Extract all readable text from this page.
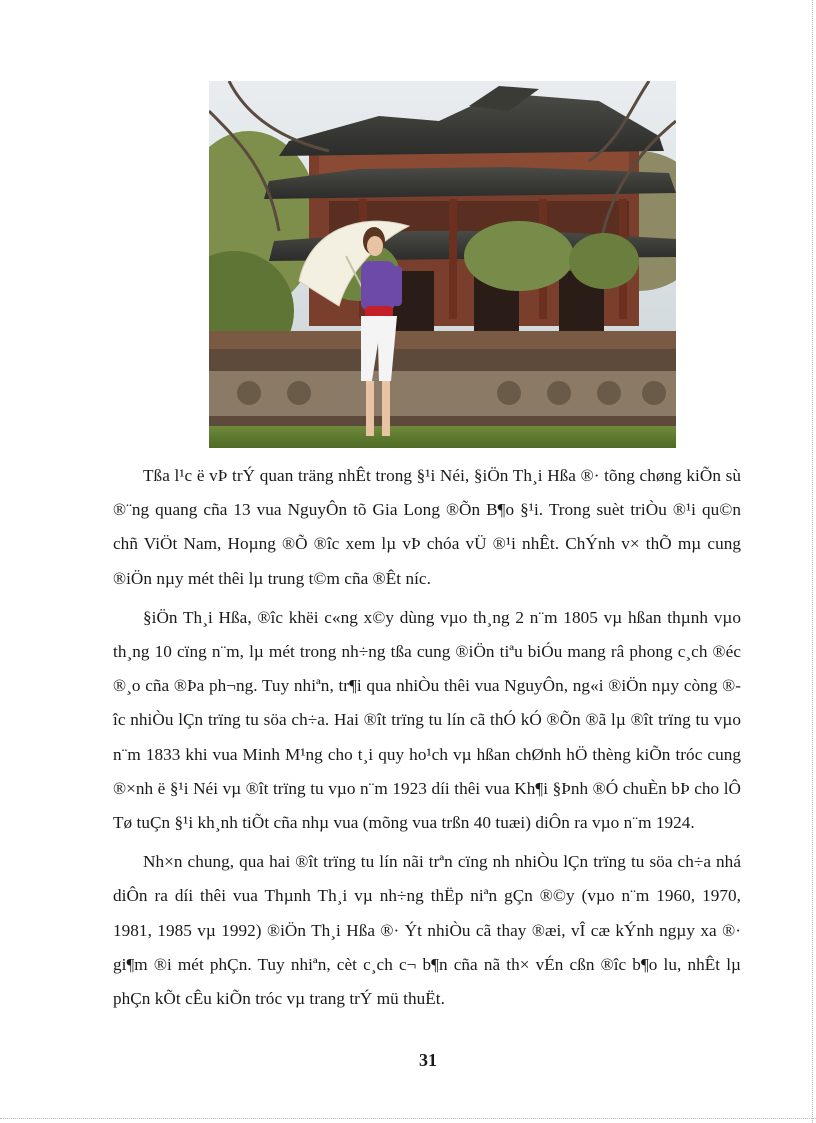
Tßa l¹c ë vÞ trÝ quan träng nhÊt trong §¹i Néi, §iÖn Th¸i Hßa ®· tõng chøng kiÕn sù ®¨ng quang cña 13 vua NguyÔn tõ Gia Long ®Õn B¶o §¹i. Trong suèt triÒu ®¹i qu©n chñ ViÖt Nam, Hoµng ®Õ ®îc xem lµ vÞ chóa vÜ ®¹i nhÊt. ChÝnh v× thÕ mµ cung ®iÖn nµy mét thêi lµ trung t©m cña ®Êt níc.

§iÖn Th¸i Hßa, ®îc khëi c«ng x©y dùng vµo th¸ng 2 n¨m 1805 vµ hßan thµnh vµo th¸ng 10 cïng n¨m, lµ mét trong nh÷ng tßa cung ®iÖn tiªu biÓu mang râ phong c¸ch ®éc ®¸o cña ®Þa ph¬ng. Tuy nhiªn, tr¶i qua nhiÒu thêi vua NguyÔn, ng«i ®iÖn nµy còng ®îc nhiÒu lÇn trïng tu söa ch÷a. Hai ®ît trïng tu lín cã thÓ kÓ ®Õn ®ã lµ ®ît trïng tu vµo n¨m 1833 khi vua Minh M¹ng cho t¸i quy ho¹ch vµ hßan chØnh hÖ thèng kiÕn tróc cung ®×nh ë §¹i Néi vµ ®ît trïng tu vµo n¨m 1923 díi thêi vua Kh¶i §Þnh ®Ó chuÈn bÞ cho lÔ Tø tuÇn §¹i kh¸nh tiÕt cña nhµ vua (mõng vua trßn 40 tuæi) diÔn ra vµo n¨m 1924.

Nh×n chung, qua hai ®ît trïng tu lín nãi trªn cïng nh nhiÒu lÇn trïng tu söa ch÷a nhá diÔn ra díi thêi vua Thµnh Th¸i vµ nh÷ng thËp niªn gÇn ®©y (vµo n¨m 1960, 1970, 1981, 1985 vµ 1992) ®iÖn Th¸i Hßa ®· Ýt nhiÒu cã thay ®æi, vÎ cæ kÝnh ngµy xa ®· gi¶m ®i mét phÇn. Tuy nhiªn, cèt c¸ch c¬ b¶n cña nã th× vÉn cßn ®îc b¶o lu, nhÊt lµ phÇn kÕt cÊu kiÕn tróc vµ trang trÝ mü thuËt.

31
